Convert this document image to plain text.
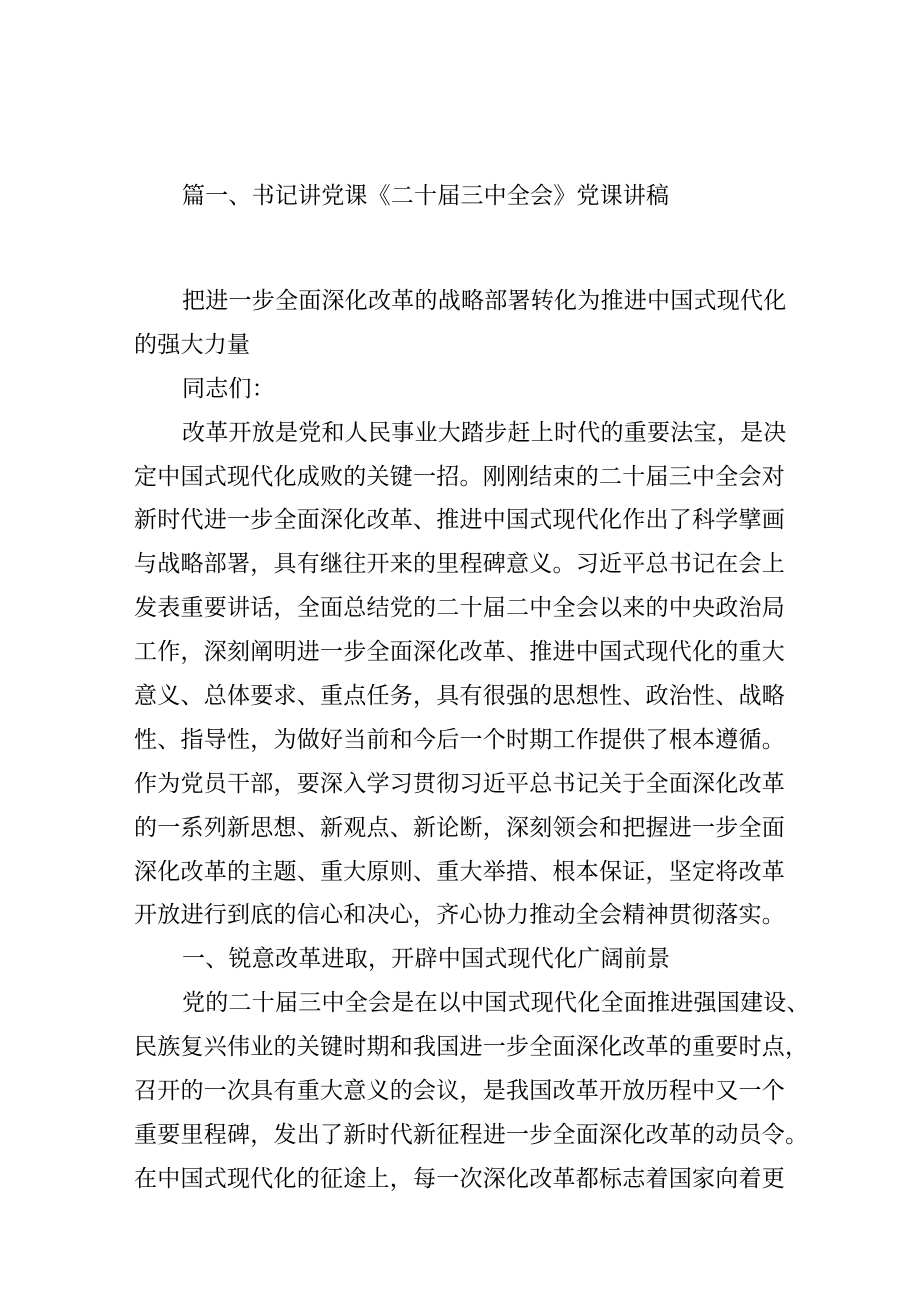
篇一、书记讲党课《二十届三中全会》党课讲稿
把进一步全面深化改革的战略部署转化为推进中国式现代化
的强大力量
同志们：
改革开放是党和人民事业大踏步赶上时代的重要法宝，是决
定中国式现代化成败的关键一招。刚刚结束的二十届三中全会对
新时代进一步全面深化改革、推进中国式现代化作出了科学擘画
与战略部署，具有继往开来的里程碑意义。习近平总书记在会上
发表重要讲话，全面总结党的二十届二中全会以来的中央政治局
工作，深刻阐明进一步全面深化改革、推进中国式现代化的重大
意义、总体要求、重点任务，具有很强的思想性、政治性、战略
性、指导性，为做好当前和今后一个时期工作提供了根本遵循。
作为党员干部，要深入学习贯彻习近平总书记关于全面深化改革
的一系列新思想、新观点、新论断，深刻领会和把握进一步全面
深化改革的主题、重大原则、重大举措、根本保证，坚定将改革
开放进行到底的信心和决心，齐心协力推动全会精神贯彻落实。
一、锐意改革进取，开辟中国式现代化广阔前景
党的二十届三中全会是在以中国式现代化全面推进强国建设、
民族复兴伟业的关键时期和我国进一步全面深化改革的重要时点，
召开的一次具有重大意义的会议，是我国改革开放历程中又一个
重要里程碑，发出了新时代新征程进一步全面深化改革的动员令。
在中国式现代化的征途上，每一次深化改革都标志着国家向着更
